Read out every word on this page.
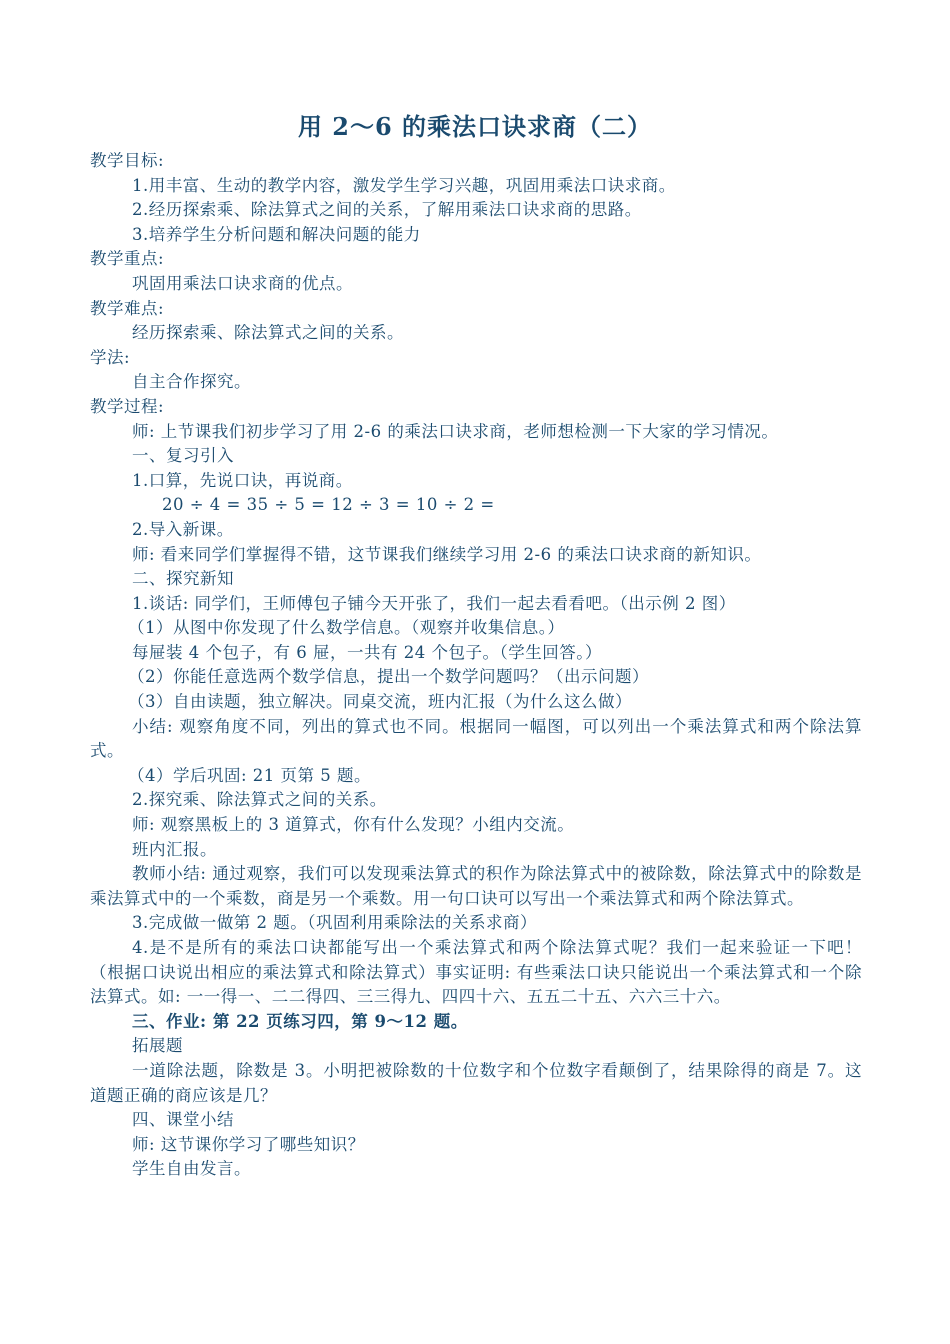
用 2～6 的乘法口诀求商（二）

教学目标:

1.用丰富、生动的教学内容，激发学生学习兴趣，巩固用乘法口诀求商。

2.经历探索乘、除法算式之间的关系，了解用乘法口诀求商的思路。

3.培养学生分析问题和解决问题的能力

教学重点:

巩固用乘法口诀求商的优点。

教学难点:

经历探索乘、除法算式之间的关系。

学法:

自主合作探究。

教学过程:

师: 上节课我们初步学习了用 2-6 的乘法口诀求商，老师想检测一下大家的学习情况。

一、复习引入

1.口算，先说口诀，再说商。

20 ÷ 4 = 35 ÷ 5 = 12 ÷ 3 = 10 ÷ 2 =

2.导入新课。

师: 看来同学们掌握得不错，这节课我们继续学习用 2-6 的乘法口诀求商的新知识。

二、探究新知

1.谈话: 同学们，王师傅包子铺今天开张了，我们一起去看看吧。（出示例 2 图）

（1）从图中你发现了什么数学信息。（观察并收集信息。）

每屉装 4 个包子，有 6 屉，一共有 24 个包子。（学生回答。）

（2）你能任意选两个数学信息，提出一个数学问题吗？（出示问题）

（3）自由读题，独立解决。同桌交流，班内汇报（为什么这么做）

小结: 观察角度不同，列出的算式也不同。根据同一幅图，可以列出一个乘法算式和两个除法算式。

（4）学后巩固: 21 页第 5 题。

2.探究乘、除法算式之间的关系。

师: 观察黑板上的 3 道算式，你有什么发现？小组内交流。

班内汇报。

教师小结: 通过观察，我们可以发现乘法算式的积作为除法算式中的被除数，除法算式中的除数是乘法算式中的一个乘数，商是另一个乘数。用一句口诀可以写出一个乘法算式和两个除法算式。

3.完成做一做第 2 题。（巩固利用乘除法的关系求商）

4.是不是所有的乘法口诀都能写出一个乘法算式和两个除法算式呢？我们一起来验证一下吧！（根据口诀说出相应的乘法算式和除法算式）事实证明: 有些乘法口诀只能说出一个乘法算式和一个除法算式。如: 一一得一、二二得四、三三得九、四四十六、五五二十五、六六三十六。

三、作业: 第 22 页练习四，第 9～12 题。

拓展题

一道除法题，除数是 3。小明把被除数的十位数字和个位数字看颠倒了，结果除得的商是 7。这道题正确的商应该是几？

四、课堂小结

师: 这节课你学习了哪些知识？

学生自由发言。
